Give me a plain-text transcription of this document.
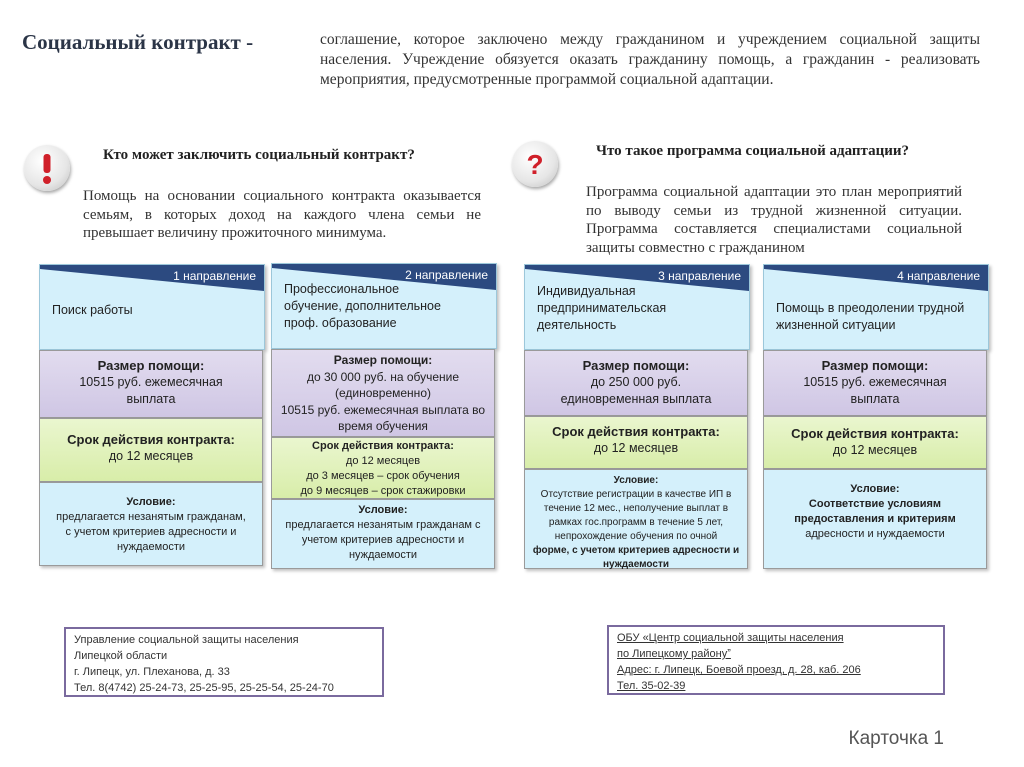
Социальный контракт -	соглашение, которое заключено между гражданином и учреждением социальной защиты населения. Учреждение обязуется оказать гражданину помощь, а гражданин - реализовать мероприятия, предусмотренные программой социальной адаптации.
Кто может заключить социальный контракт?
Помощь на основании социального контракта оказывается семьям, в которых доход на каждого члена семьи не превышает величину прожиточного минимума.
?	Что такое программа социальной адаптации?
Программа социальной адаптации это план мероприятий по выводу семьи из трудной жизненной ситуации. Программа составляется специалистами социальной защиты совместно с гражданином
1 направление
Поиск работы
Размер помощи:
10515 руб. ежемесячная
выплата
Срок действия контракта:
до 12 месяцев
Условие:
предлагается незанятым гражданам,
с учетом критериев адресности и
нуждаемости
2 направление
Профессиональное обучение, дополнительное проф. образование
Размер помощи:
до 30 000 руб. на обучение
(единовременно)
10515 руб. ежемесячная выплата во
время обучения
Срок действия контракта:
до 12 месяцев
до 3 месяцев – срок обучения
до 9 месяцев – срок стажировки
Условие:
предлагается незанятым гражданам с
учетом критериев адресности и
нуждаемости
3 направление
Индивидуальная предпринимательская деятельность
Размер помощи:
до 250 000 руб.
единовременная выплата
Срок действия контракта:
до 12 месяцев
Условие:
Отсутствие регистрации в качестве ИП в
течение 12 мес., неполучение выплат в
рамках гос.программ в течение 5 лет,
непрохождение обучения по очной
форме, с учетом критериев адресности и
нуждаемости
4 направление
Помощь в преодолении трудной жизненной ситуации
Размер помощи:
10515 руб. ежемесячная
выплата
Срок действия контракта:
до 12 месяцев
Условие:
Соответствие условиям
предоставления и критериям
адресности и нуждаемости
Управление социальной защиты населения
Липецкой области
г. Липецк, ул. Плеханова, д. 33
Тел. 8(4742) 25-24-73, 25-25-95, 25-25-54, 25-24-70
ОБУ «Центр социальной защиты населения
по Липецкому районуˮ
Адрес: г. Липецк, Боевой проезд, д. 28, каб. 206
Тел. 35-02-39
Карточка 1
